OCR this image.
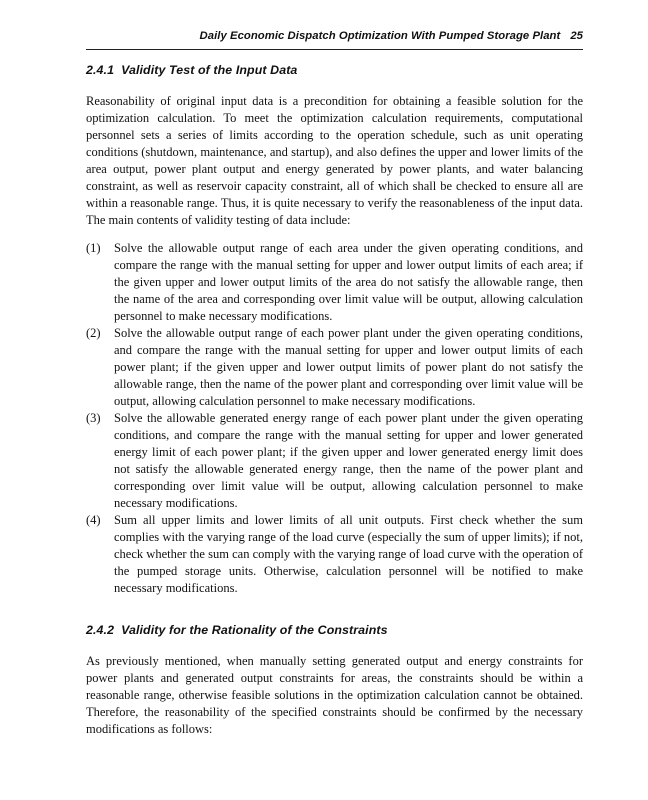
Daily Economic Dispatch Optimization With Pumped Storage Plant 25
2.4.1 Validity Test of the Input Data

Reasonability of original input data is a precondition for obtaining a feasible solution for the optimization calculation. To meet the optimization calculation requirements, computational personnel sets a series of limits according to the operation schedule, such as unit operating conditions (shutdown, maintenance, and startup), and also defines the upper and lower limits of the area output, power plant output and energy generated by power plants, and water balancing constraint, as well as reservoir capacity constraint, all of which shall be checked to ensure all are within a reasonable range. Thus, it is quite necessary to verify the reasonableness of the input data. The main contents of validity testing of data include:

(1) Solve the allowable output range of each area under the given operating conditions, and compare the range with the manual setting for upper and lower output limits of each area; if the given upper and lower output limits of the area do not satisfy the allowable range, then the name of the area and corresponding over limit value will be output, allowing calculation personnel to make necessary modifications.
(2) Solve the allowable output range of each power plant under the given operating conditions, and compare the range with the manual setting for upper and lower output limits of each power plant; if the given upper and lower output limits of power plant do not satisfy the allowable range, then the name of the power plant and corresponding over limit value will be output, allowing calculation personnel to make necessary modifications.
(3) Solve the allowable generated energy range of each power plant under the given operating conditions, and compare the range with the manual setting for upper and lower generated energy limit of each power plant; if the given upper and lower generated energy limit does not satisfy the allowable generated energy range, then the name of the power plant and corresponding over limit value will be output, allowing calculation personnel to make necessary modifications.
(4) Sum all upper limits and lower limits of all unit outputs. First check whether the sum complies with the varying range of the load curve (especially the sum of upper limits); if not, check whether the sum can comply with the varying range of load curve with the operation of the pumped storage units. Otherwise, calculation personnel will be notified to make necessary modifications.
2.4.2 Validity for the Rationality of the Constraints

As previously mentioned, when manually setting generated output and energy constraints for power plants and generated output constraints for areas, the constraints should be within a reasonable range, otherwise feasible solutions in the optimization calculation cannot be obtained. Therefore, the reasonability of the specified constraints should be confirmed by the necessary modifications as follows:
